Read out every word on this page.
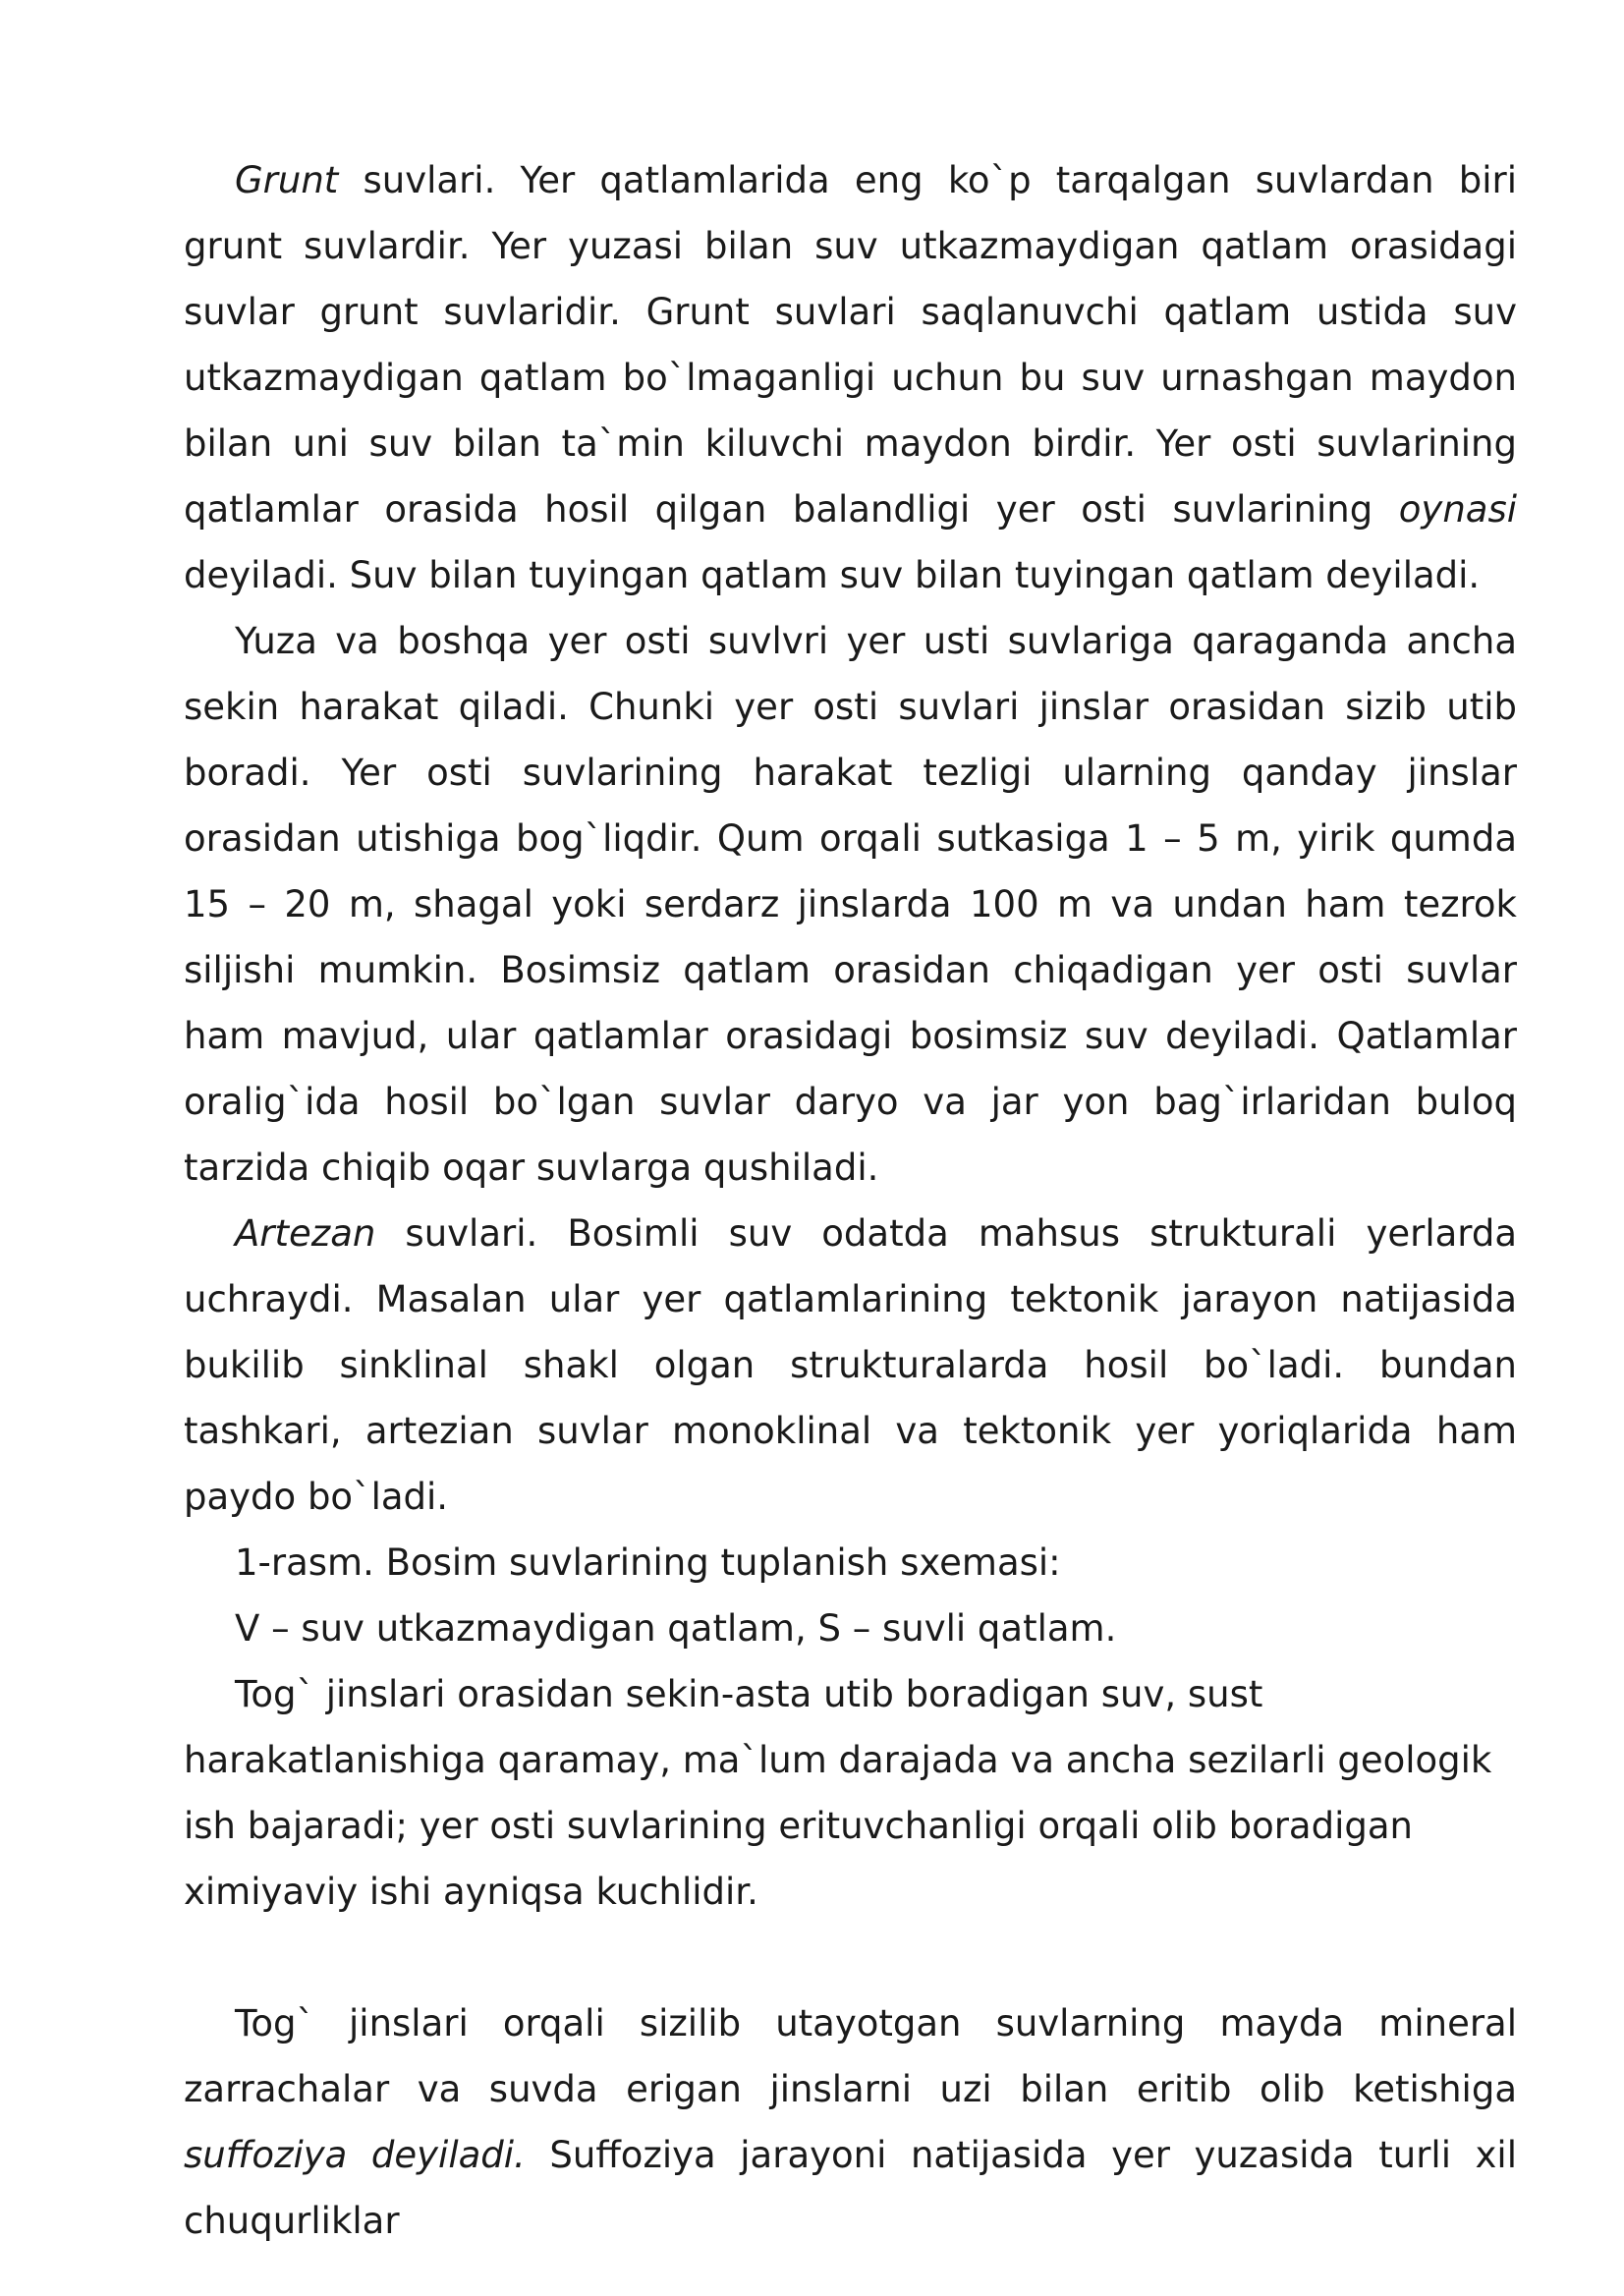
Grunt suvlari. Yer qatlamlarida eng ko`p tarqalgan suvlardan biri grunt suvlardir. Yer yuzasi bilan suv utkazmaydigan qatlam orasidagi suvlar grunt suvlaridir. Grunt suvlari saqlanuvchi qatlam ustida suv utkazmaydigan qatlam bo`lmaganligi uchun bu suv urnashgan maydon bilan uni suv bilan ta`min kiluvchi maydon birdir. Yer osti suvlarining qatlamlar orasida hosil qilgan balandligi yer osti suvlarining oynasi deyiladi. Suv bilan tuyingan qatlam suv bilan tuyingan qatlam deyiladi.

Yuza va boshqa yer osti suvlvri yer usti suvlariga qaraganda ancha sekin harakat qiladi. Chunki yer osti suvlari jinslar orasidan sizib utib boradi. Yer osti suvlarining harakat tezligi ularning qanday jinslar orasidan utishiga bog`liqdir. Qum orqali sutkasiga 1 – 5 m, yirik qumda 15 – 20 m, shagal yoki serdarz jinslarda 100 m va undan ham tezrok siljishi mumkin. Bosimsiz qatlam orasidan chiqadigan yer osti suvlar ham mavjud, ular qatlamlar orasidagi bosimsiz suv deyiladi. Qatlamlar oralig`ida hosil bo`lgan suvlar daryo va jar yon bag`irlaridan buloq tarzida chiqib oqar suvlarga qushiladi.

Artezan suvlari. Bosimli suv odatda mahsus strukturali yerlarda uchraydi. Masalan ular yer qatlamlarining tektonik jarayon natijasida bukilib sinklinal shakl olgan strukturalarda hosil bo`ladi. bundan tashkari, artezian suvlar monoklinal va tektonik yer yoriqlarida ham paydo bo`ladi.

1-rasm. Bosim suvlarining tuplanish sxemasi:

V – suv utkazmaydigan qatlam, S – suvli qatlam.

Tog` jinslari orasidan sekin-asta utib boradigan suv, sust harakatlanishiga qaramay, ma`lum darajada va ancha sezilarli geologik ish bajaradi; yer osti suvlarining erituvchanligi orqali olib boradigan ximiyaviy ishi ayniqsa kuchlidir.

Tog` jinslari orqali sizilib utayotgan suvlarning mayda mineral zarrachalar va suvda erigan jinslarni uzi bilan eritib olib ketishiga suffoziya deyiladi. Suffoziya jarayoni natijasida yer yuzasida turli xil chuqurliklar
